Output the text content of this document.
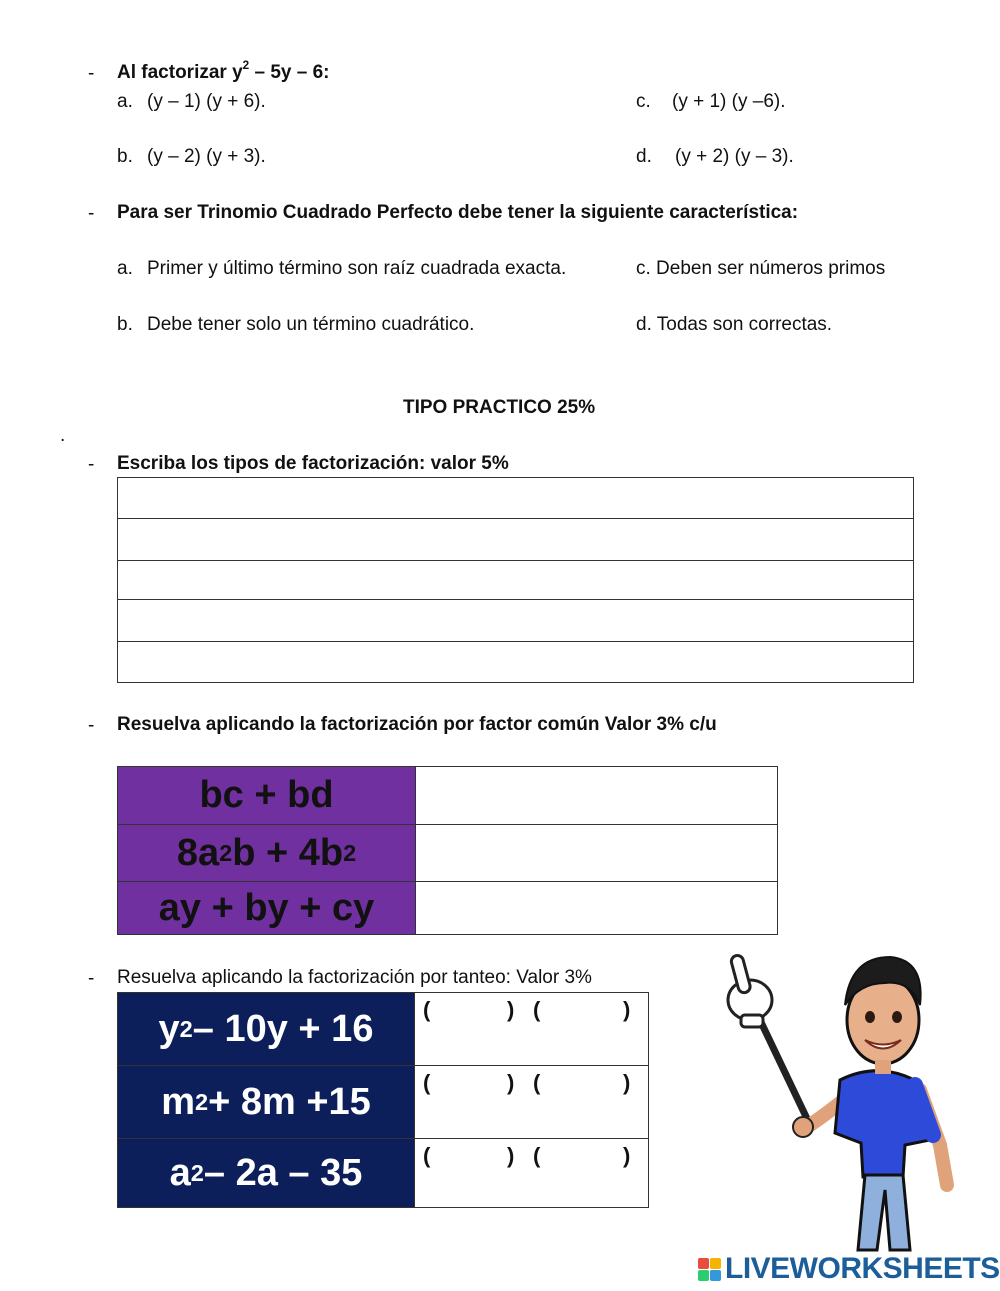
- Al factorizar $y^2 - 5y - 6$:
a. (y – 1) (y + 6).
b. (y – 2) (y + 3).
c. (y + 1) (y –6).
d. (y + 2) (y – 3).
- Para ser Trinomio Cuadrado Perfecto debe tener la siguiente característica:
a. Primer y último término son raíz cuadrada exacta.
b. Debe tener solo un término cuadrático.
c. Deben ser números primos
d. Todas son correctas.
TIPO PRACTICO 25%
.
- Escriba los tipos de factorización: valor 5%
- Resuelva aplicando la factorización por factor común Valor 3% c/u
bc + bd
8a 2 b + 4b 2
ay + by + cy
- Resuelva aplicando la factorización por tanteo: Valor 3%
y 2 – 10y + 16 (	) (	)
m 2 + 8m +15 (	) (	)
a 2 – 2a – 35	(	) (	)
LIVEWORKSHEETS
